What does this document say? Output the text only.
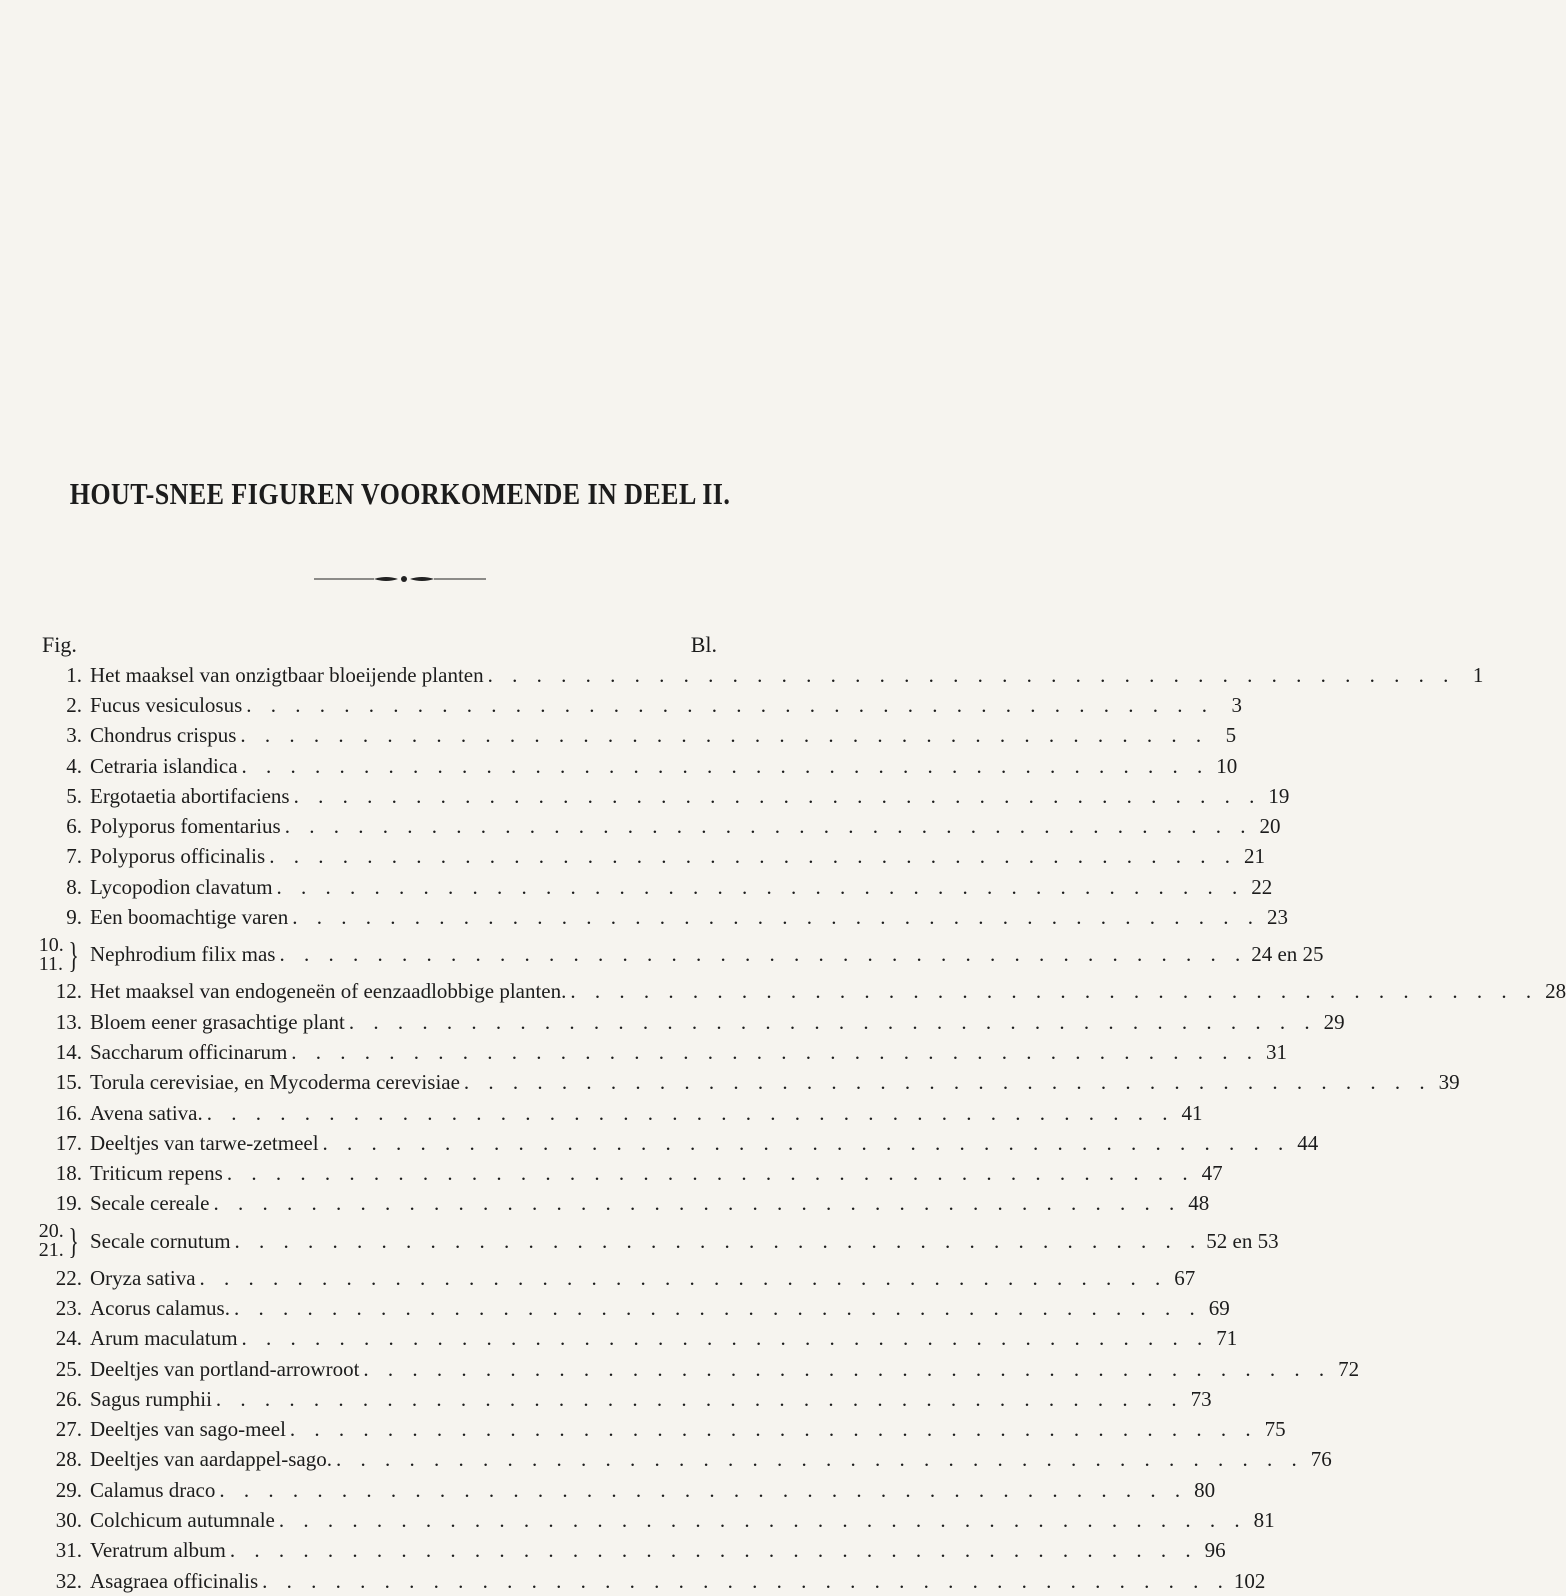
HOUT-SNEE FIGUREN VOORKOMENDE IN DEEL II.
Fig.	Bl.
1. Het maaksel van onzigtbaar bloeijende planten . . . . . . . . . . . . . . . . . . . . . . . . . . . . . . . . . . . . . . . . 1
2. Fucus vesiculosus . . . . . . . . . . . . . . . . . . . . . . . . . . . . . . . . . . . . . . . . 3
3. Chondrus crispus . . . . . . . . . . . . . . . . . . . . . . . . . . . . . . . . . . . . . . . . 5
4. Cetraria islandica . . . . . . . . . . . . . . . . . . . . . . . . . . . . . . . . . . . . . . . . 10
5. Ergotaetia abortifaciens . . . . . . . . . . . . . . . . . . . . . . . . . . . . . . . . . . . . . . . . 19
6. Polyporus fomentarius . . . . . . . . . . . . . . . . . . . . . . . . . . . . . . . . . . . . . . . . 20
7. Polyporus officinalis . . . . . . . . . . . . . . . . . . . . . . . . . . . . . . . . . . . . . . . . 21
8. Lycopodion clavatum . . . . . . . . . . . . . . . . . . . . . . . . . . . . . . . . . . . . . . . . 22
9. Een boomachtige varen . . . . . . . . . . . . . . . . . . . . . . . . . . . . . . . . . . . . . . . . 23
10.
11. } Nephrodium filix mas . . . . . . . . . . . . . . . . . . . . . . . . . . . . . . . . . . . . . . . . 24 en 25
12. Het maaksel van endogeneën of eenzaadlobbige planten. . . . . . . . . . . . . . . . . . . . . . . . . . . . . . . . . . . . . . . . . 28
13. Bloem eener grasachtige plant . . . . . . . . . . . . . . . . . . . . . . . . . . . . . . . . . . . . . . . . 29
14. Saccharum officinarum . . . . . . . . . . . . . . . . . . . . . . . . . . . . . . . . . . . . . . . . 31
15. Torula cerevisiae, en Mycoderma cerevisiae . . . . . . . . . . . . . . . . . . . . . . . . . . . . . . . . . . . . . . . . 39
16. Avena sativa. . . . . . . . . . . . . . . . . . . . . . . . . . . . . . . . . . . . . . . . . 41
17. Deeltjes van tarwe-zetmeel . . . . . . . . . . . . . . . . . . . . . . . . . . . . . . . . . . . . . . . . 44
18. Triticum repens . . . . . . . . . . . . . . . . . . . . . . . . . . . . . . . . . . . . . . . . 47
19. Secale cereale . . . . . . . . . . . . . . . . . . . . . . . . . . . . . . . . . . . . . . . . 48
20.
21. } Secale cornutum . . . . . . . . . . . . . . . . . . . . . . . . . . . . . . . . . . . . . . . . 52 en 53
22. Oryza sativa . . . . . . . . . . . . . . . . . . . . . . . . . . . . . . . . . . . . . . . . 67
23. Acorus calamus. . . . . . . . . . . . . . . . . . . . . . . . . . . . . . . . . . . . . . . . . 69
24. Arum maculatum . . . . . . . . . . . . . . . . . . . . . . . . . . . . . . . . . . . . . . . . 71
25. Deeltjes van portland-arrowroot . . . . . . . . . . . . . . . . . . . . . . . . . . . . . . . . . . . . . . . . 72
26. Sagus rumphii . . . . . . . . . . . . . . . . . . . . . . . . . . . . . . . . . . . . . . . . 73
27. Deeltjes van sago-meel . . . . . . . . . . . . . . . . . . . . . . . . . . . . . . . . . . . . . . . . 75
28. Deeltjes van aardappel-sago. . . . . . . . . . . . . . . . . . . . . . . . . . . . . . . . . . . . . . . . . 76
29. Calamus draco . . . . . . . . . . . . . . . . . . . . . . . . . . . . . . . . . . . . . . . . 80
30. Colchicum autumnale . . . . . . . . . . . . . . . . . . . . . . . . . . . . . . . . . . . . . . . . 81
31. Veratrum album . . . . . . . . . . . . . . . . . . . . . . . . . . . . . . . . . . . . . . . . 96
32. Asagraea officinalis . . . . . . . . . . . . . . . . . . . . . . . . . . . . . . . . . . . . . . . . 102
